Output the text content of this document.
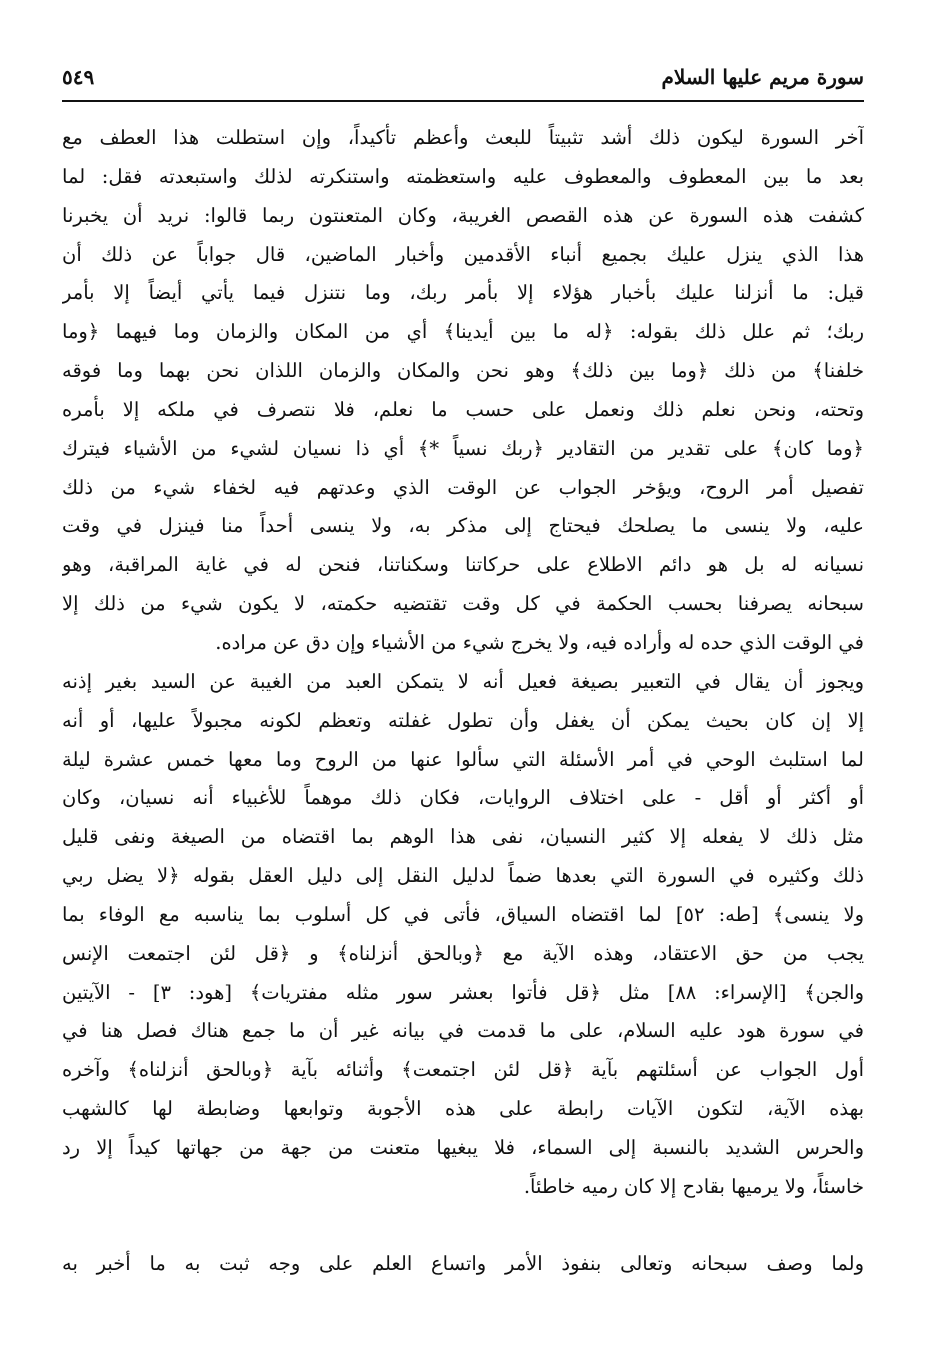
سورة مريم عليها السلام
٥٤٩
آخر السورة ليكون ذلك أشد تثبيتاً للبعث وأعظم تأكيداً، وإن استطلت هذا العطف مع
بعد ما بين المعطوف والمعطوف عليه واستعظمته واستنكرته لذلك واستبعدته فقل: لما
كشفت هذه السورة عن هذه القصص الغريبة، وكان المتعنتون ربما قالوا: نريد أن يخبرنا
هذا الذي ينزل عليك بجميع أنباء الأقدمين وأخبار الماضين، قال جواباً عن ذلك أن
قيل: ما أنزلنا عليك بأخبار هؤلاء إلا بأمر ربك، وما نتنزل فيما يأتي أيضاً إلا بأمر
ربك؛ ثم علل ذلك بقوله: ﴿له ما بين أيدينا﴾ أي من المكان والزمان وما فيهما ﴿وما
خلفنا﴾ من ذلك ﴿وما بين ذلك﴾ وهو نحن والمكان والزمان اللذان نحن بهما وما فوقه
وتحته، ونحن نعلم ذلك ونعمل على حسب ما نعلم، فلا نتصرف في ملكه إلا بأمره
﴿وما كان﴾ على تقدير من التقادير ﴿ربك نسياً *﴾ أي ذا نسيان لشيء من الأشياء فيترك
تفصيل أمر الروح، ويؤخر الجواب عن الوقت الذي وعدتهم فيه لخفاء شيء من ذلك
عليه، ولا ينسى ما يصلحك فيحتاج إلى مذكر به، ولا ينسى أحداً منا فينزل في وقت
نسيانه له بل هو دائم الاطلاع على حركاتنا وسكناتنا، فنحن له في غاية المراقبة، وهو
سبحانه يصرفنا بحسب الحكمة في كل وقت تقتضيه حكمته، لا يكون شيء من ذلك إلا
في الوقت الذي حده له وأراده فيه، ولا يخرج شيء من الأشياء وإن دق عن مراده.
ويجوز أن يقال في التعبير بصيغة فعيل أنه لا يتمكن العبد من الغيبة عن السيد بغير إذنه
إلا إن كان بحيث يمكن أن يغفل وأن تطول غفلته وتعظم لكونه مجبولاً عليها، أو أنه
لما استلبث الوحي في أمر الأسئلة التي سألوا عنها من الروح وما معها خمس عشرة ليلة
أو أكثر أو أقل - على اختلاف الروايات، فكان ذلك موهماً للأغبياء أنه نسيان، وكان
مثل ذلك لا يفعله إلا كثير النسيان، نفى هذا الوهم بما اقتضاه من الصيغة ونفى قليل
ذلك وكثيره في السورة التي بعدها ضماً لدليل النقل إلى دليل العقل بقوله ﴿لا يضل ربي
ولا ينسى﴾ [طه: ٥٢] لما اقتضاه السياق، فأتى في كل أسلوب بما يناسبه مع الوفاء بما
يجب من حق الاعتقاد، وهذه الآية مع ﴿وبالحق أنزلناه﴾ و ﴿قل لئن اجتمعت الإنس
والجن﴾ [الإسراء: ٨٨] مثل ﴿قل فأتوا بعشر سور مثله مفتريات﴾ [هود: ٣] - الآيتين
في سورة هود عليه السلام، على ما قدمت في بيانه غير أن ما جمع هناك فصل هنا في
أول الجواب عن أسئلتهم بآية ﴿قل لئن اجتمعت﴾ وأثنائه بآية ﴿وبالحق أنزلناه﴾ وآخره
بهذه الآية، لتكون الآيات رابطة على هذه الأجوبة وتوابعها وضابطة لها كالشهب
والحرس الشديد بالنسبة إلى السماء، فلا يبغيها متعنت من جهة من جهاتها كيداً إلا رد
خاسئاً، ولا يرميها بقادح إلا كان رميه خاطئاً.
ولما وصف سبحانه وتعالى بنفوذ الأمر واتساع العلم على وجه ثبت به ما أخبر به
